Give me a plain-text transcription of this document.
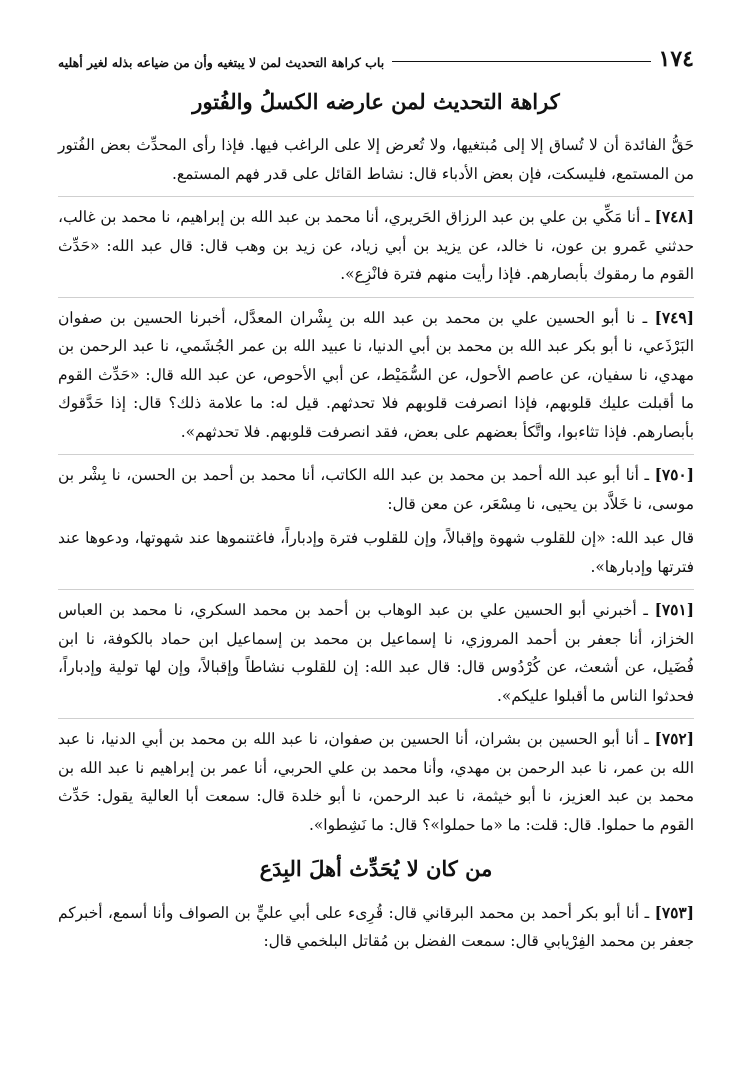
١٧٤
باب كراهة التحديث لمن لا يبتغيه وأن من ضياعه بذله لغير أهليه
كراهة التحديث لمن عارضه الكسلُ والفُتور

حَقُّ الفائدة أن لا تُساق إلا إلى مُبتغيها، ولا تُعرض إلا على الراغب فيها. فإذا رأى المحدِّث بعض الفُتور من المستمع، فليسكت، فإن بعض الأدباء قال: نشاط القائل على قدر فهم المستمع.

[٧٤٨] ـ أنا مَكِّي بن علي بن عبد الرزاق الحَريري، أنا محمد بن عبد الله بن إبراهيم، نا محمد بن غالب، حدثني عَمرو بن عون، نا خالد، عن يزيد بن أبي زياد، عن زيد بن وهب قال: قال عبد الله: «حَدِّث القوم ما رمقوك بأبصارهم. فإذا رأيت منهم فترة فانْزِع».

[٧٤٩] ـ نا أبو الحسين علي بن محمد بن عبد الله بن بِشْران المعدَّل، أخبرنا الحسين بن صفوان البَرْذَعي، نا أبو بكر عبد الله بن محمد بن أبي الدنيا، نا عبيد الله بن عمر الجُشَمي، نا عبد الرحمن بن مهدي، نا سفيان، عن عاصم الأحول، عن السُّمَيْط، عن أبي الأحوص، عن عبد الله قال: «حَدِّث القوم ما أقبلت عليك قلوبهم، فإذا انصرفت قلوبهم فلا تحدثهم. قيل له: ما علامة ذلك؟ قال: إذا حَدَّقوك بأبصارهم. فإذا تثاءبوا، واتَّكأ بعضهم على بعض، فقد انصرفت قلوبهم. فلا تحدثهم».

[٧٥٠] ـ أنا أبو عبد الله أحمد بن محمد بن عبد الله الكاتب، أنا محمد بن أحمد بن الحسن، نا بِشْر بن موسى، نا خَلاَّد بن يحيى، نا مِسْعَر، عن معن قال:

قال عبد الله: «إن للقلوب شهوة وإقبالاً، وإن للقلوب فترة وإدباراً، فاغتنموها عند شهوتها، ودعوها عند فترتها وإدبارها».

[٧٥١] ـ أخبرني أبو الحسين علي بن عبد الوهاب بن أحمد بن محمد السكري، نا محمد بن العباس الخزاز، أنا جعفر بن أحمد المروزي، نا إسماعيل بن محمد بن إسماعيل ابن حماد بالكوفة، نا ابن فُضَيل، عن أشعث، عن كُرْدُوس قال: قال عبد الله: إن للقلوب نشاطاً وإقبالاً، وإن لها تولية وإدباراً، فحدثوا الناس ما أقبلوا عليكم».

[٧٥٢] ـ أنا أبو الحسين بن بشران، أنا الحسين بن صفوان، نا عبد الله بن محمد بن أبي الدنيا، نا عبد الله بن عمر، نا عبد الرحمن بن مهدي، وأنا محمد بن علي الحربي، أنا عمر بن إبراهيم نا عبد الله بن محمد بن عبد العزيز، نا أبو خيثمة، نا عبد الرحمن، نا أبو خلدة قال: سمعت أبا العالية يقول: حَدِّث القوم ما حملوا. قال: قلت: ما «ما حملوا»؟ قال: ما نَشِطوا».

من كان لا يُحَدِّث أهلَ البِدَع

[٧٥٣] ـ أنا أبو بكر أحمد بن محمد البرقاني قال: قُرِىء على أبي عليٍّ بن الصواف وأنا أسمع، أخبركم جعفر بن محمد الفِرْيابي قال: سمعت الفضل بن مُقاتل البلخمي قال:
